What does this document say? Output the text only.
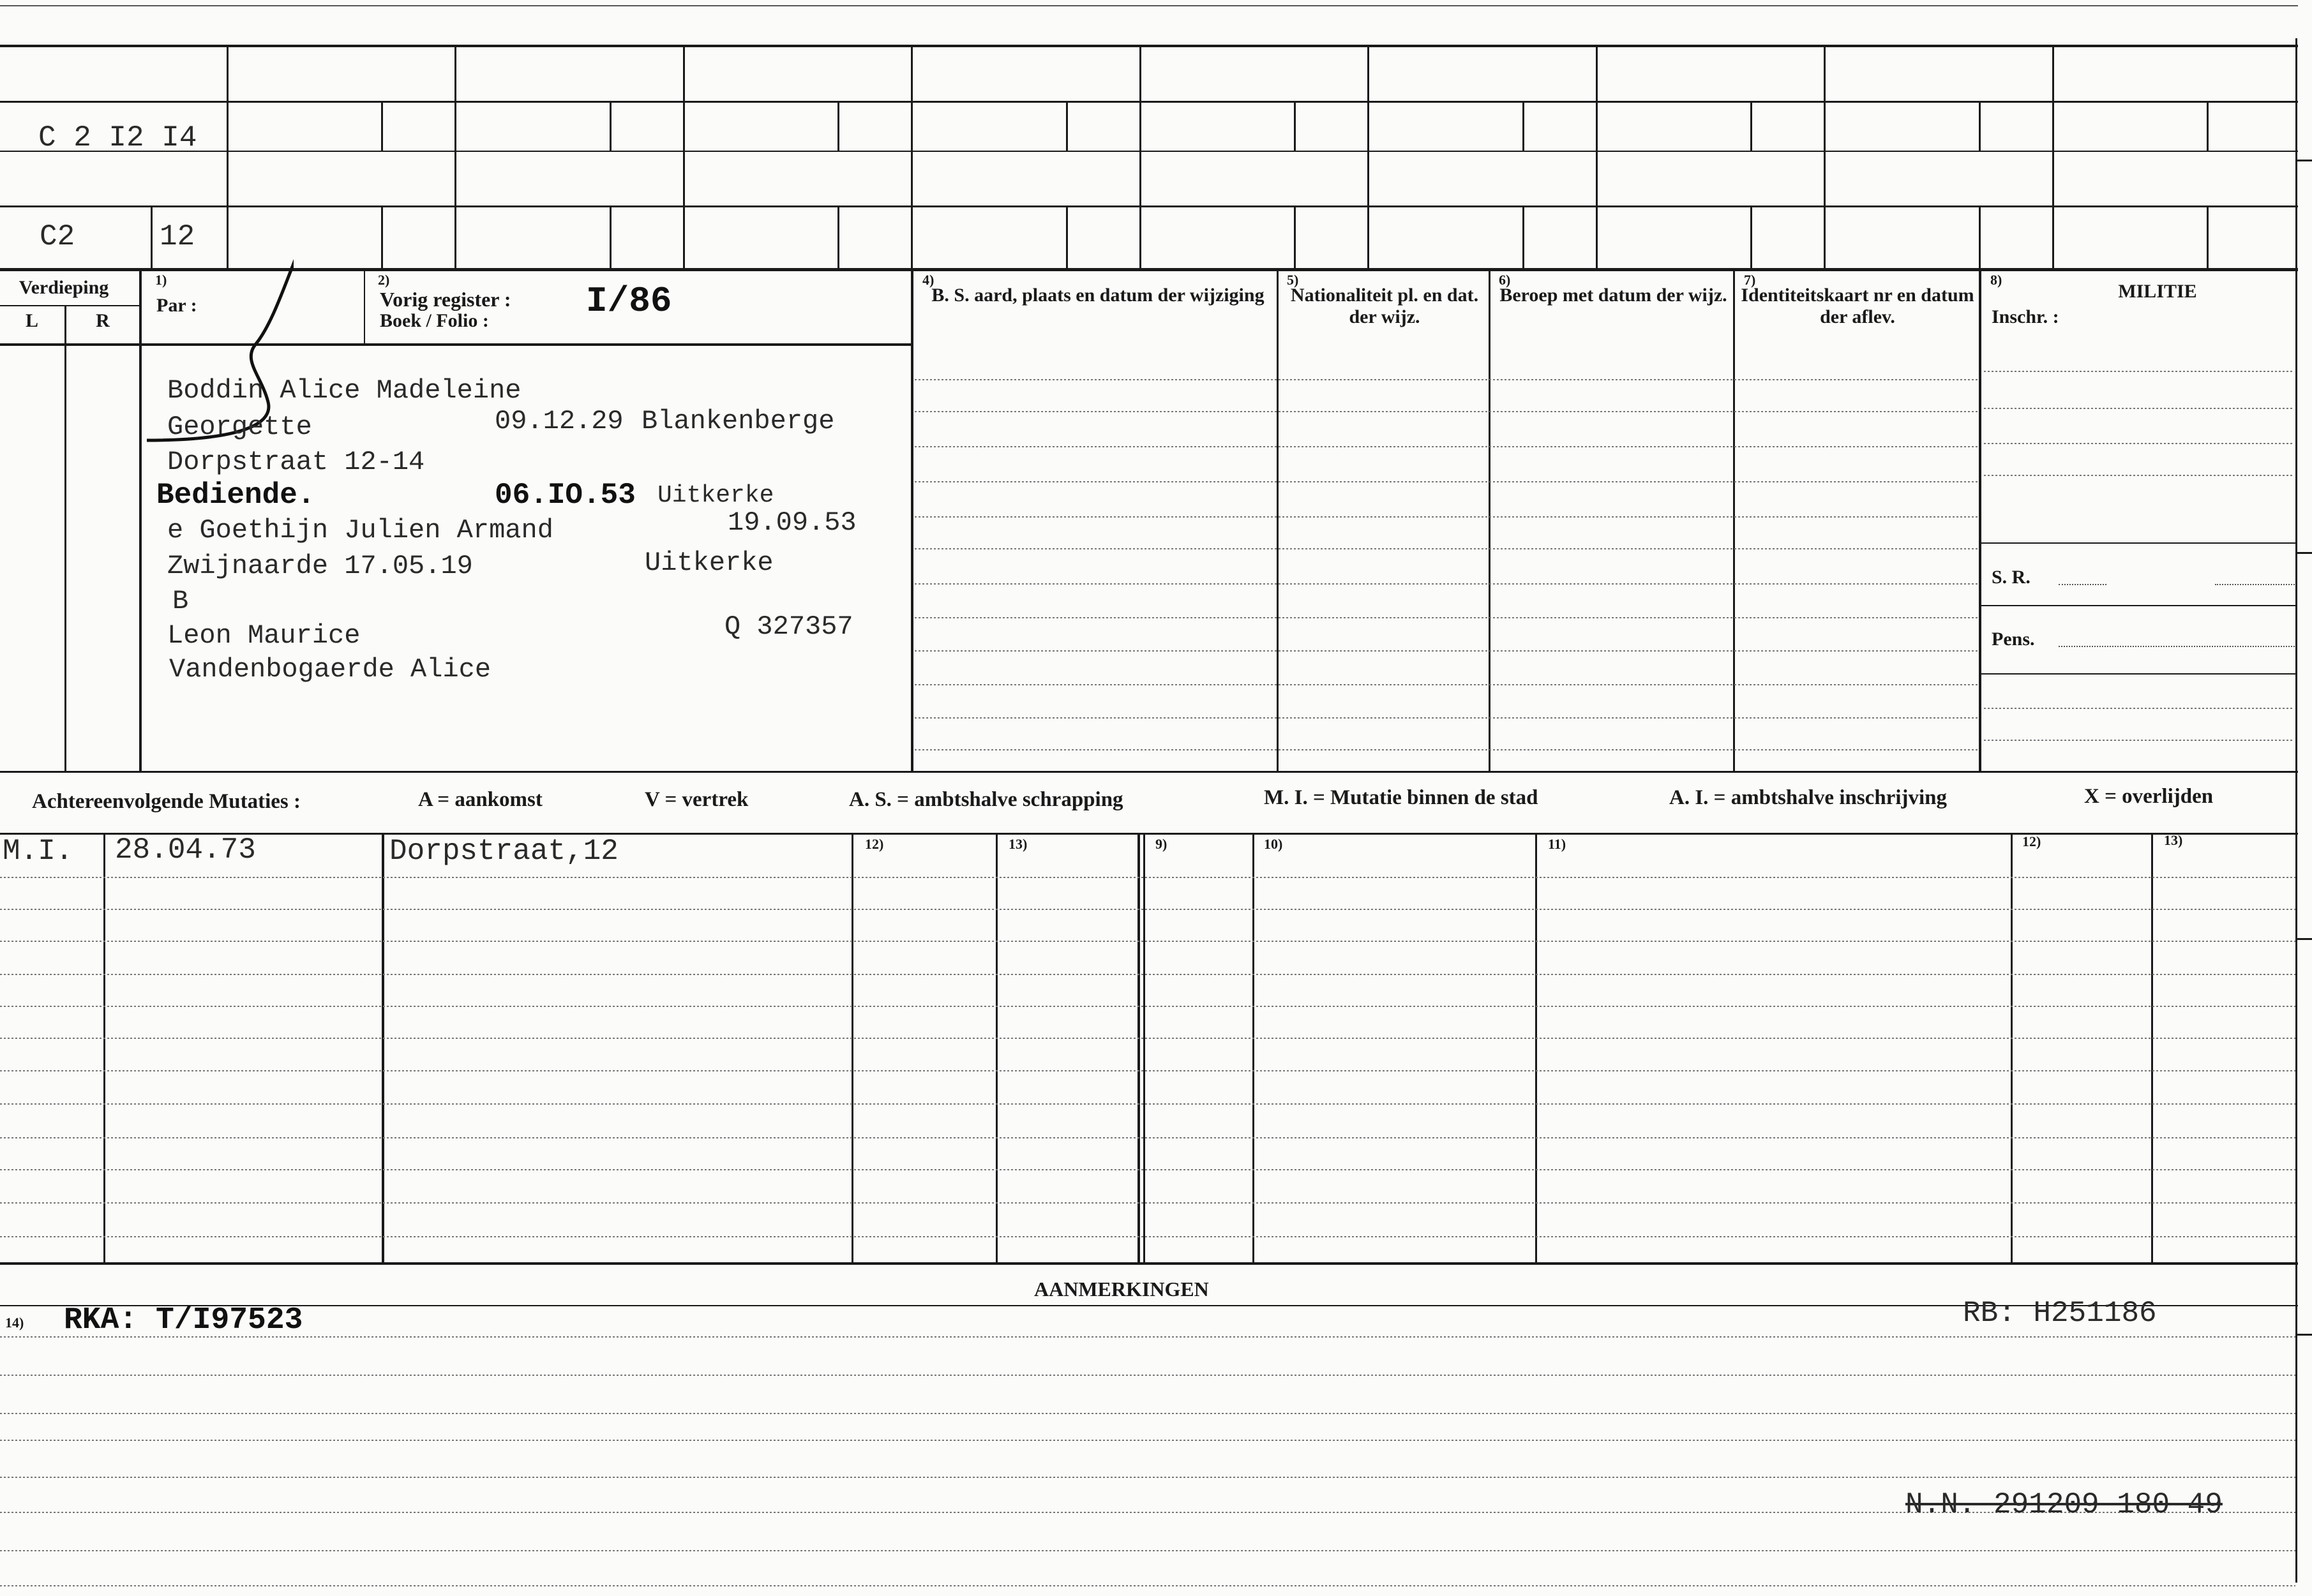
C 2 I2 I4
C2	12
Verdieping
L	R
1)
Par :
2)
Vorig register :
Boek / Folio :	I/86
4)
B. S. aard, plaats en datum der wijziging
5)
Nationaliteit pl. en dat. der wijz.
6)
Beroep met datum der wijz.
7)
Identiteitskaart nr en datum der aflev.
8)
MILITIE
Inschr. :
S. R.
Pens.
Boddin Alice Madeleine
Georgette	09.12.29 Blankenberge
Dorpstraat 12-14
Bediende.	06.IO.53 Uitkerke
e Goethijn Julien Armand	19.09.53
Zwijnaarde 17.05.19	Uitkerke
B
Leon Maurice	Q 327357
Vandenbogaerde Alice
Achtereenvolgende Mutaties :	A = aankomst	V = vertrek	A. S. = ambtshalve schrapping	M. I. = Mutatie binnen de stad	A. I. = ambtshalve inschrijving	X = overlijden
M.I. 28.04.73	Dorpstraat,12	12)	13)	9)	10)	11)	12)	13)
AANMERKINGEN
14) RKA: T/I97523	RB: H251186
N.N. 291209 180 49
